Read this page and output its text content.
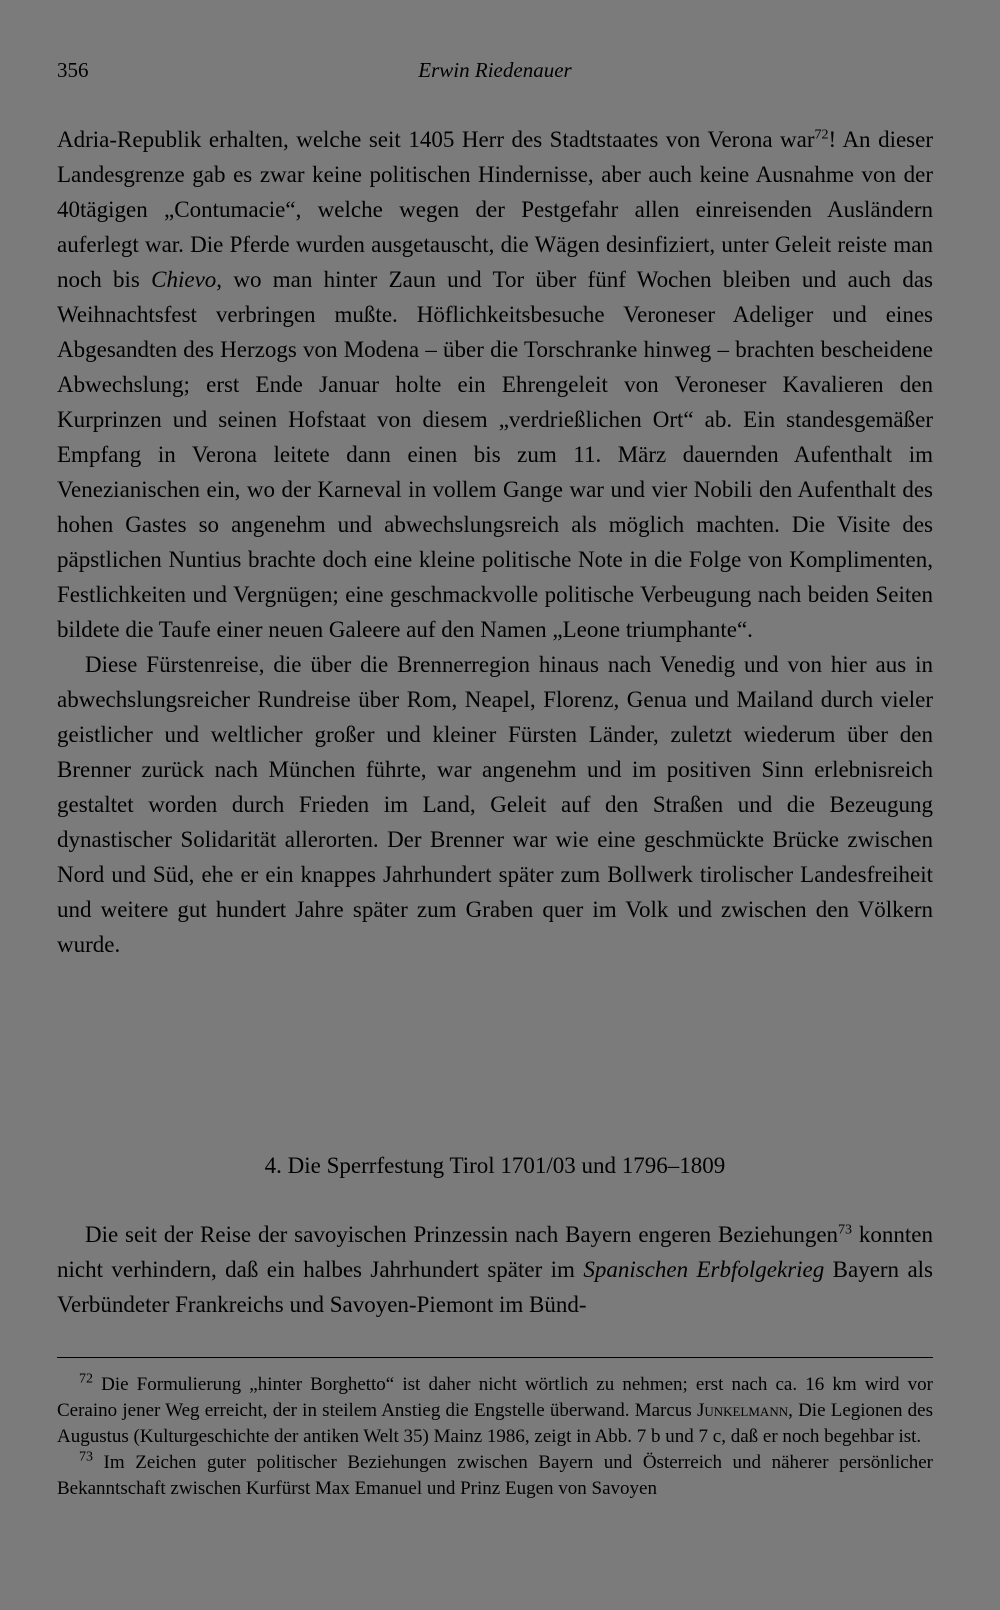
356	Erwin Riedenauer

Adria-Republik erhalten, welche seit 1405 Herr des Stadtstaates von Verona war$^{72}$! An dieser Landesgrenze gab es zwar keine politischen Hindernisse, aber auch keine Ausnahme von der 40tägigen „Contumacie“, welche wegen der Pestgefahr allen einreisenden Ausländern auferlegt war. Die Pferde wurden ausgetauscht, die Wägen desinfiziert, unter Geleit reiste man noch bis Chievo, wo man hinter Zaun und Tor über fünf Wochen bleiben und auch das Weihnachtsfest verbringen mußte. Höflichkeitsbesuche Veroneser Adeliger und eines Abgesandten des Herzogs von Modena – über die Torschranke hinweg – brachten bescheidene Abwechslung; erst Ende Januar holte ein Ehrengeleit von Veroneser Kavalieren den Kurprinzen und seinen Hofstaat von diesem „verdrießlichen Ort“ ab. Ein standesgemäßer Empfang in Verona leitete dann einen bis zum 11. März dauernden Aufenthalt im Venezianischen ein, wo der Karneval in vollem Gange war und vier Nobili den Aufenthalt des hohen Gastes so angenehm und abwechslungsreich als möglich machten. Die Visite des päpstlichen Nuntius brachte doch eine kleine politische Note in die Folge von Komplimenten, Festlichkeiten und Vergnügen; eine geschmackvolle politische Verbeugung nach beiden Seiten bildete die Taufe einer neuen Galeere auf den Namen „Leone triumphante“.

Diese Fürstenreise, die über die Brennerregion hinaus nach Venedig und von hier aus in abwechslungsreicher Rundreise über Rom, Neapel, Florenz, Genua und Mailand durch vieler geistlicher und weltlicher großer und kleiner Fürsten Länder, zuletzt wiederum über den Brenner zurück nach München führte, war angenehm und im positiven Sinn erlebnisreich gestaltet worden durch Frieden im Land, Geleit auf den Straßen und die Bezeugung dynastischer Solidarität allerorten. Der Brenner war wie eine geschmückte Brücke zwischen Nord und Süd, ehe er ein knappes Jahrhundert später zum Bollwerk tirolischer Landesfreiheit und weitere gut hundert Jahre später zum Graben quer im Volk und zwischen den Völkern wurde.

4. Die Sperrfestung Tirol 1701/03 und 1796–1809

Die seit der Reise der savoyischen Prinzessin nach Bayern engeren Beziehungen$^{73}$ konnten nicht verhindern, daß ein halbes Jahrhundert später im Spanischen Erbfolgekrieg Bayern als Verbündeter Frankreichs und Savoyen-Piemont im Bünd-

$^{72}$ Die Formulierung „hinter Borghetto“ ist daher nicht wörtlich zu nehmen; erst nach ca. 16 km wird vor Ceraino jener Weg erreicht, der in steilem Anstieg die Engstelle überwand. Marcus Junkelmann, Die Legionen des Augustus (Kulturgeschichte der antiken Welt 35) Mainz 1986, zeigt in Abb. 7 b und 7 c, daß er noch begehbar ist.

$^{73}$ Im Zeichen guter politischer Beziehungen zwischen Bayern und Österreich und näherer persönlicher Bekanntschaft zwischen Kurfürst Max Emanuel und Prinz Eugen von Savoyen
